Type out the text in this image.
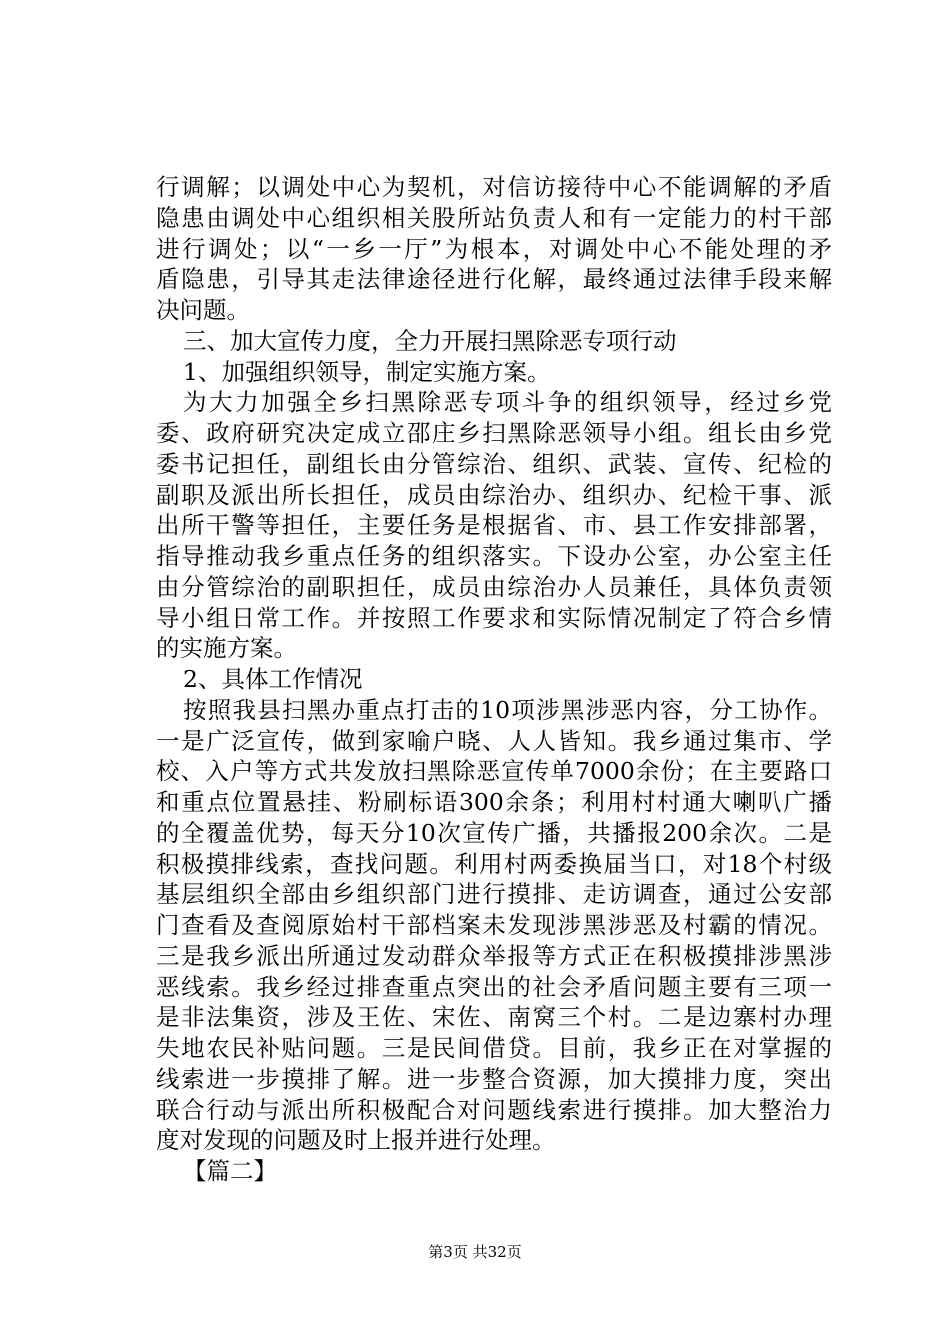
行调解；以调处中心为契机，对信访接待中心不能调解的矛盾
隐患由调处中心组织相关股所站负责人和有一定能力的村干部
进行调处；以“一乡一厅”为根本，对调处中心不能处理的矛
盾隐患，引导其走法律途径进行化解，最终通过法律手段来解
决问题。
三、加大宣传力度，全力开展扫黑除恶专项行动
1、加强组织领导，制定实施方案。
为大力加强全乡扫黑除恶专项斗争的组织领导，经过乡党
委、政府研究决定成立邵庄乡扫黑除恶领导小组。组长由乡党
委书记担任，副组长由分管综治、组织、武装、宣传、纪检的
副职及派出所长担任，成员由综治办、组织办、纪检干事、派
出所干警等担任，主要任务是根据省、市、县工作安排部署，
指导推动我乡重点任务的组织落实。下设办公室，办公室主任
由分管综治的副职担任，成员由综治办人员兼任，具体负责领
导小组日常工作。并按照工作要求和实际情况制定了符合乡情
的实施方案。
2、具体工作情况
按照我县扫黑办重点打击的10项涉黑涉恶内容，分工协作。
一是广泛宣传，做到家喻户晓、人人皆知。我乡通过集市、学
校、入户等方式共发放扫黑除恶宣传单7000余份；在主要路口
和重点位置悬挂、粉刷标语300余条；利用村村通大喇叭广播
的全覆盖优势，每天分10次宣传广播，共播报200余次。二是
积极摸排线索，查找问题。利用村两委换届当口，对18个村级
基层组织全部由乡组织部门进行摸排、走访调查，通过公安部
门查看及查阅原始村干部档案未发现涉黑涉恶及村霸的情况。
三是我乡派出所通过发动群众举报等方式正在积极摸排涉黑涉
恶线索。我乡经过排查重点突出的社会矛盾问题主要有三项一
是非法集资，涉及王佐、宋佐、南窝三个村。二是边寨村办理
失地农民补贴问题。三是民间借贷。目前，我乡正在对掌握的
线索进一步摸排了解。进一步整合资源，加大摸排力度，突出
联合行动与派出所积极配合对问题线索进行摸排。加大整治力
度对发现的问题及时上报并进行处理。
【篇二】
第3页 共32页
